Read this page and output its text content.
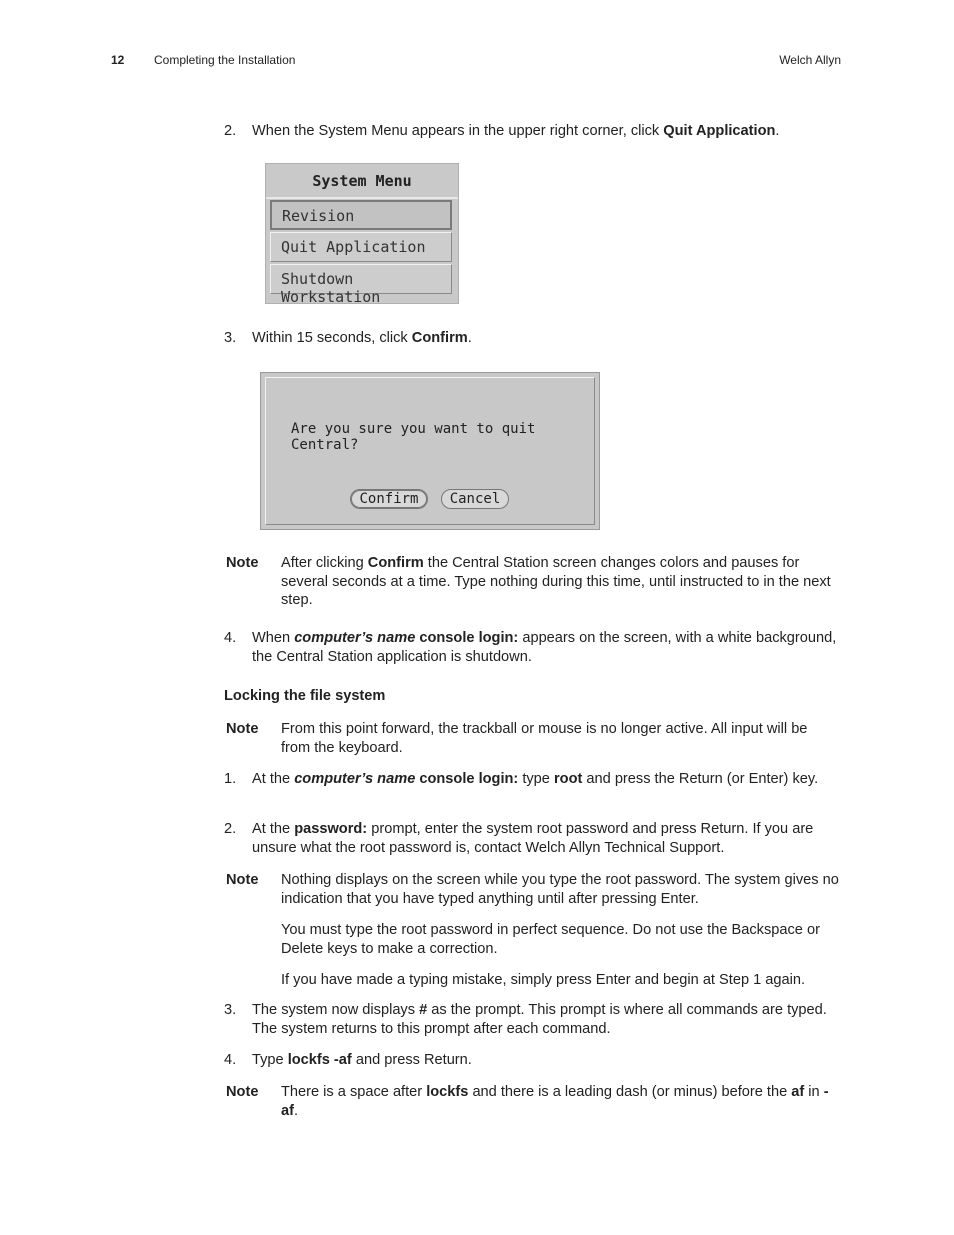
12 Completing the Installation	Welch Allyn
2.	When the System Menu appears in the upper right corner, click Quit Application.
System Menu
Revision
Quit Application
Shutdown Workstation
3.	Within 15 seconds, click Confirm.
Are you sure you want to quit Central?
Confirm	Cancel
Note	After clicking Confirm the Central Station screen changes colors and pauses for several seconds at a time. Type nothing during this time, until instructed to in the next step.
4.	When computer’s name console login: appears on the screen, with a white background, the Central Station application is shutdown.
Locking the file system
Note	From this point forward, the trackball or mouse is no longer active. All input will be from the keyboard.
1.	At the computer’s name console login: type root and press the Return (or Enter) key.
2.	At the password: prompt, enter the system root password and press Return. If you are unsure what the root password is, contact Welch Allyn Technical Support.
Note	Nothing displays on the screen while you type the root password. The system gives no indication that you have typed anything until after pressing Enter.
You must type the root password in perfect sequence. Do not use the Backspace or Delete keys to make a correction.
If you have made a typing mistake, simply press Enter and begin at Step 1 again.
3.	The system now displays # as the prompt. This prompt is where all commands are typed. The system returns to this prompt after each command.
4.	Type lockfs -af and press Return.
Note	There is a space after lockfs and there is a leading dash (or minus) before the af in -af.
